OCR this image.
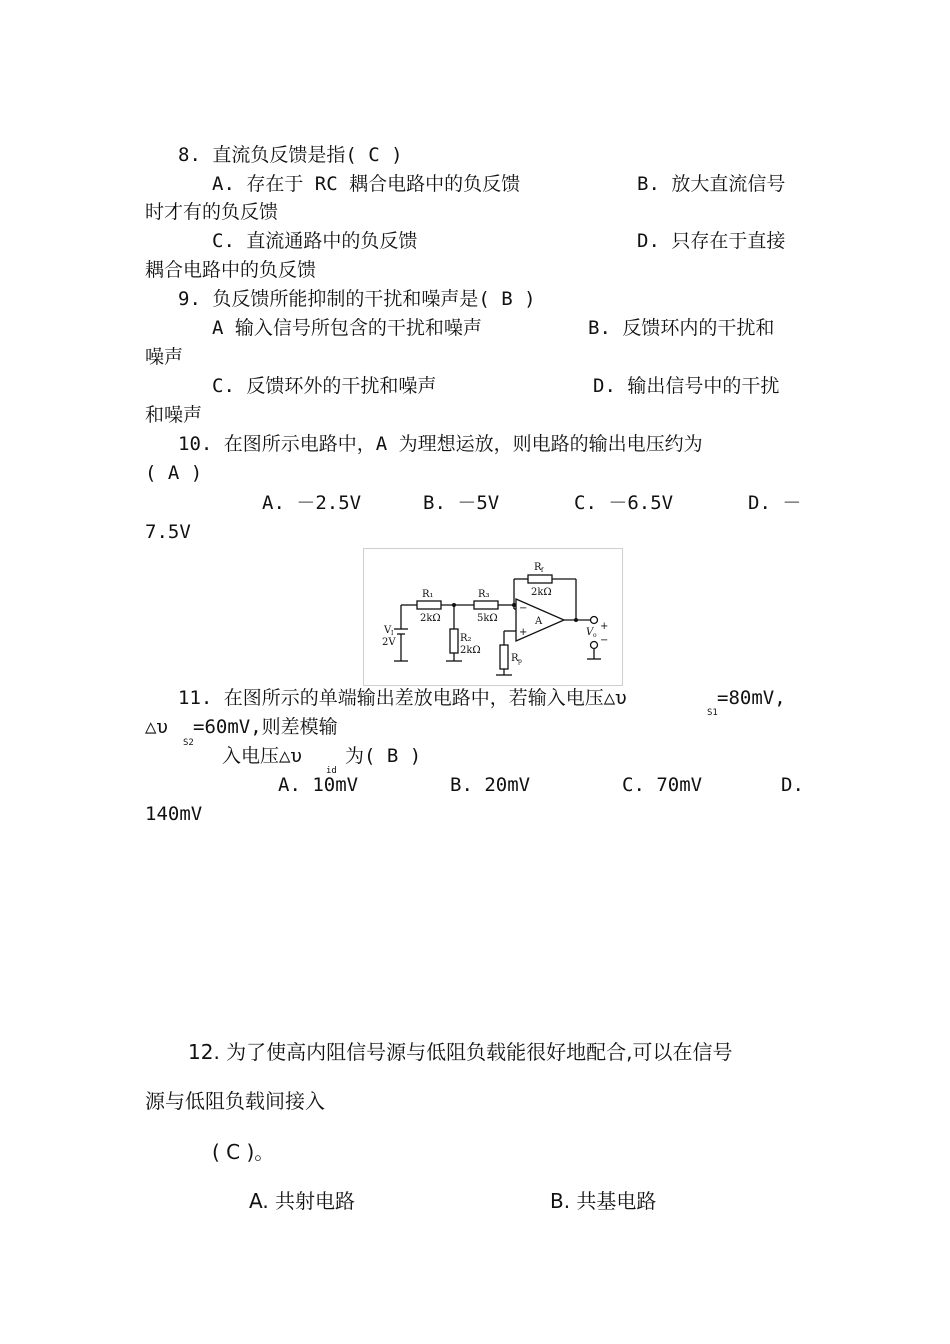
8. 直流负反馈是指( C )
A. 存在于 RC 耦合电路中的负反馈	B. 放大直流信号
时才有的负反馈
C. 直流通路中的负反馈	D. 只存在于直接
耦合电路中的负反馈
9. 负反馈所能抑制的干扰和噪声是( B )
A 输入信号所包含的干扰和噪声	B. 反馈环内的干扰和
噪声
C. 反馈环外的干扰和噪声	D. 输出信号中的干扰
和噪声
10. 在图所示电路中，A 为理想运放，则电路的输出电压约为
( A )
A. －2.5V	B. －5V	C. －6.5V	D. －
7.5V
R₁
2kΩ
R₃
5kΩ
R f
2kΩ
R₂
2kΩ
R p
V I
2V
A
−
+	V o
+
−
11. 在图所示的单端输出差放电路中，若输入电压△υ
S1
=80mV,
△υ
S2
=60mV,则差模输
入电压△υ
id
为( B )
A. 10mV	B. 20mV	C. 70mV	D.
140mV
12. 为了使高内阻信号源与低阻负载能很好地配合,可以在信号
源与低阻负载间接入
( C )。
A. 共射电路	B. 共基电路
